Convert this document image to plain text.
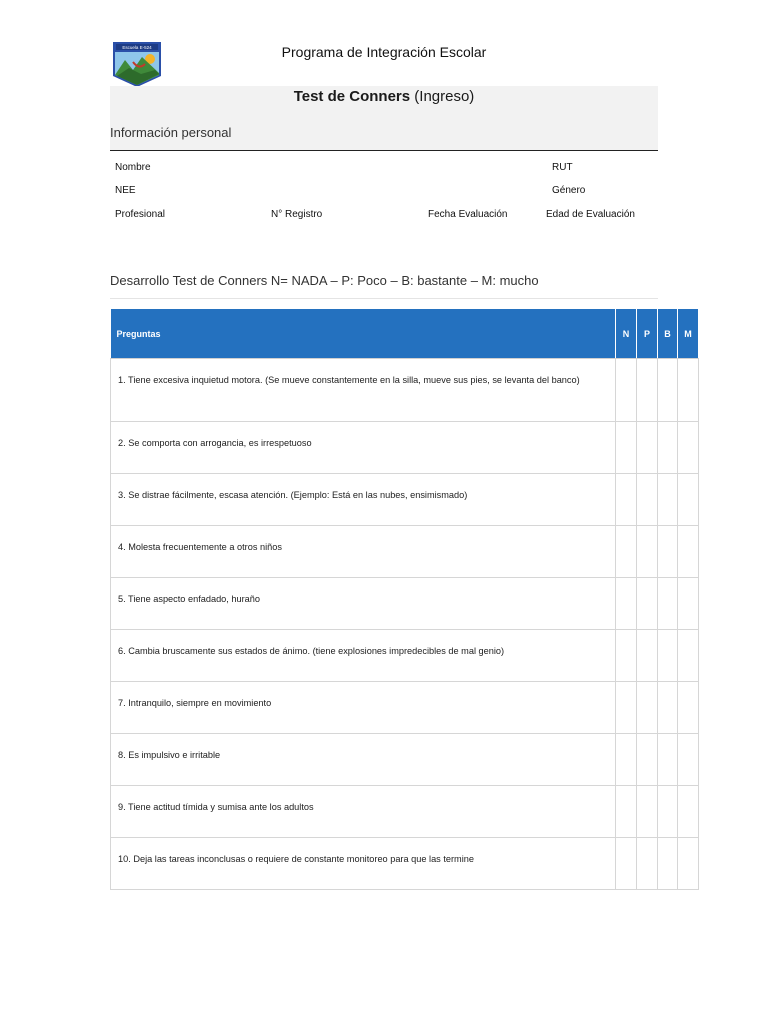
Escuela E-524	Programa de Integración Escolar
Test de Conners (Ingreso)
Información personal
Nombre	RUT
NEE	Género
Profesional	N° Registro	Fecha Evaluación	Edad de Evaluación
Desarrollo Test de Conners N= NADA – P: Poco – B: bastante – M: mucho
Preguntas	N	P	B	M
1. Tiene excesiva inquietud motora. (Se mueve constantemente en la silla, mueve sus pies, se levanta del banco)				
2. Se comporta con arrogancia, es irrespetuoso				
3. Se distrae fácilmente, escasa atención. (Ejemplo: Está en las nubes, ensimismado)				
4. Molesta frecuentemente a otros niños				
5. Tiene aspecto enfadado, huraño				
6. Cambia bruscamente sus estados de ánimo. (tiene explosiones impredecibles de mal genio)				
7. Intranquilo, siempre en movimiento				
8. Es impulsivo e irritable				
9. Tiene actitud tímida y sumisa ante los adultos				
10. Deja las tareas inconclusas o requiere de constante monitoreo para que las termine				
